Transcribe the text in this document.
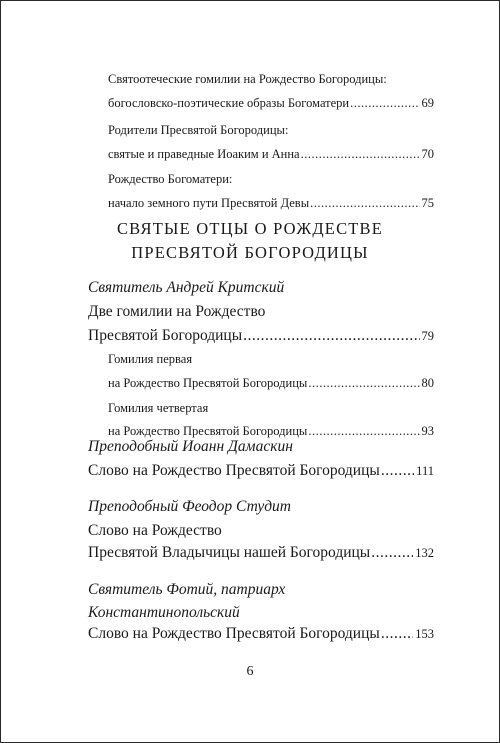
Святоотеческие гомилии на Рождество Богородицы:
богословско-поэтические образы Богоматери .....	69
Родители Пресвятой Богородицы:
святые и праведные Иоаким и Анна .....	70
Рождество Богоматери:
начало земного пути Пресвятой Девы .....	75
СВЯТЫЕ ОТЦЫ О РОЖДЕСТВЕ
ПРЕСВЯТОЙ БОГОРОДИЦЫ
Святитель Андрей Критский
Две гомилии на Рождество
Пресвятой Богородицы .....	79
Гомилия первая
на Рождество Пресвятой Богородицы .....	80
Гомилия четвертая
на Рождество Пресвятой Богородицы .....	93
Преподобный Иоанн Дамаскин
Слово на Рождество Пресвятой Богородицы .....	111
Преподобный Феодор Студит
Слово на Рождество
Пресвятой Владычицы нашей Богородицы .....	132
Святитель Фотий, патриарх
Константинопольский
Слово на Рождество Пресвятой Богородицы .....	153
6
